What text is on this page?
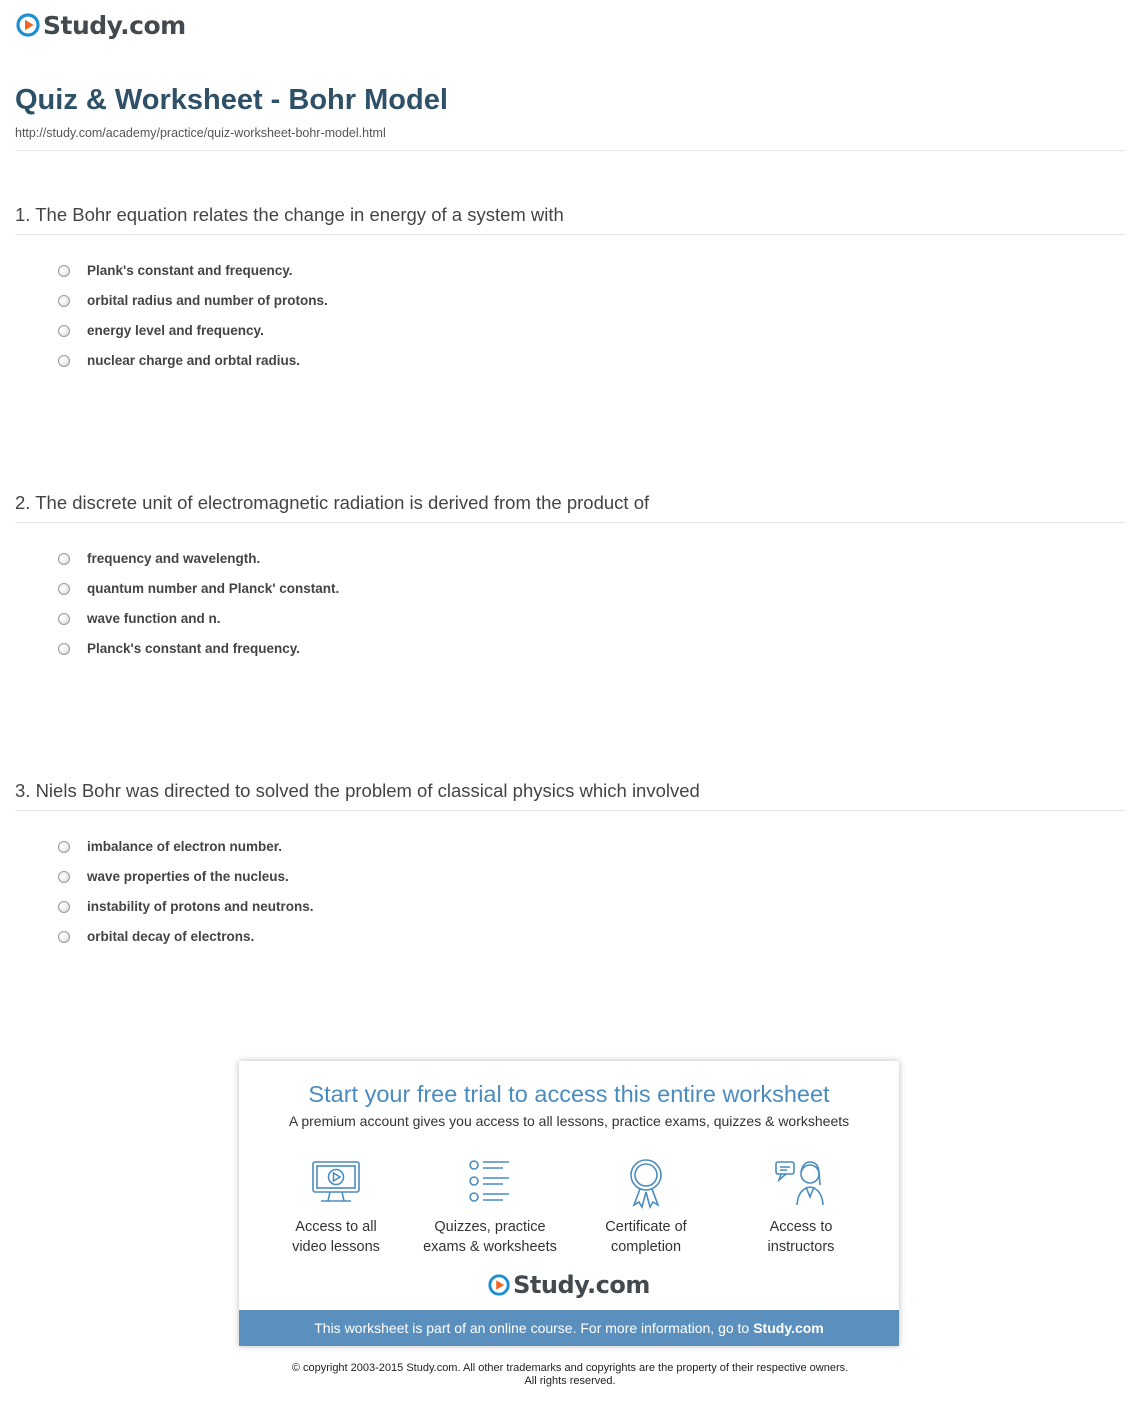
Study.com
Quiz & Worksheet - Bohr Model
http://study.com/academy/practice/quiz-worksheet-bohr-model.html
1. The Bohr equation relates the change in energy of a system with
Plank's constant and frequency.
orbital radius and number of protons.
energy level and frequency.
nuclear charge and orbtal radius.
2. The discrete unit of electromagnetic radiation is derived from the product of
frequency and wavelength.
quantum number and Planck' constant.
wave function and n.
Planck's constant and frequency.
3. Niels Bohr was directed to solved the problem of classical physics which involved
imbalance of electron number.
wave properties of the nucleus.
instability of protons and neutrons.
orbital decay of electrons.
Start your free trial to access this entire worksheet
A premium account gives you access to all lessons, practice exams, quizzes & worksheets
Access to all
video lessons
Quizzes, practice
exams & worksheets
Certificate of
completion
Access to
instructors
Study.com
This worksheet is part of an online course. For more information, go to Study.com
© copyright 2003-2015 Study.com. All other trademarks and copyrights are the property of their respective owners.
All rights reserved.
